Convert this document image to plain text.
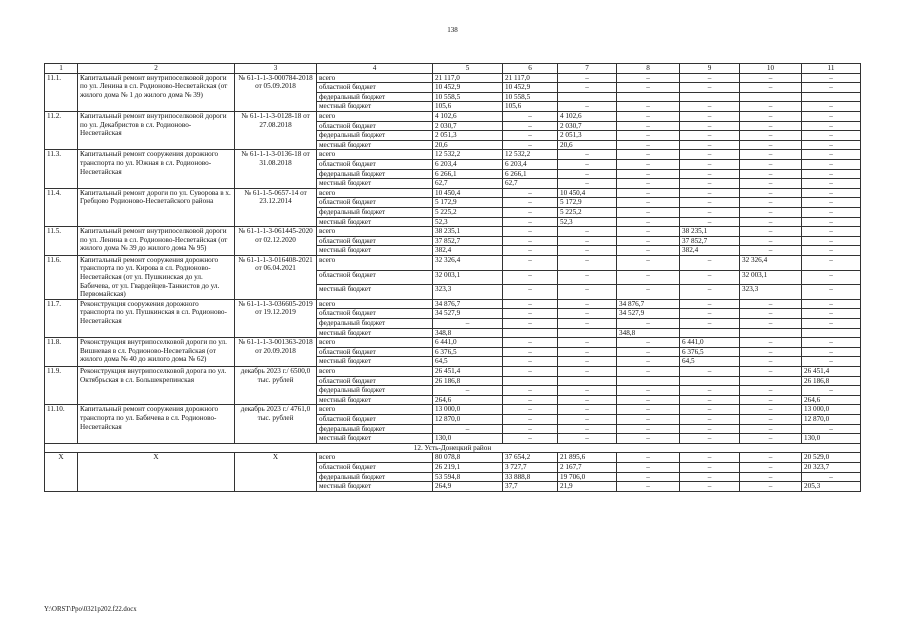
138
1	2	3	4	5	6	7	8	9	10	11
11.1.	Капитальный ремонт внутрипоселковой дороги по ул. Ленина в сл. Родионово-Несветайская (от жилого дома № 1 до жилого дома № 39)	№ 61-1-1-3-000784-2018 от 05.09.2018	всего	21 117,0	21 117,0	–	–	–	–	–
			областной бюджет	10 452,9	10 452,9	–	–	–	–	–
			федеральный бюджет	10 558,5	10 558,5					
			местный бюджет	105,6	105,6	–	–	–	–	–
11.2.	Капитальный ремонт внутрипоселковой дороги по ул. Декабристов в сл. Родионово-Несветайская	№ 61-1-1-3-0128-18 от 27.08.2018	всего	4 102,6	–	4 102,6	–	–	–	–
			областной бюджет	2 030,7	–	2 030,7	–	–	–	–
			федеральный бюджет	2 051,3	–	2 051,3	–	–	–	–
			местный бюджет	20,6	–	20,6	–	–	–	–
11.3.	Капитальный ремонт сооружения дорожного транспорта по ул. Южная в сл. Родионово-Несветайская	№ 61-1-1-3-0136-18 от 31.08.2018	всего	12 532,2	12 532,2	–	–	–	–	–
			областной бюджет	6 203,4	6 203,4	–	–	–	–	–
			федеральный бюджет	6 266,1	6 266,1	–	–	–	–	–
			местный бюджет	62,7	62,7	–	–	–	–	–
11.4.	Капитальный ремонт дороги по ул. Суворова в х. Гребцово Родионово-Несветайского района	№ 61-1-5-0657-14 от 23.12.2014	всего	10 450,4	–	10 450,4	–	–	–	–
			областной бюджет	5 172,9	–	5 172,9	–	–	–	–
			федеральный бюджет	5 225,2	–	5 225,2	–	–	–	–
			местный бюджет	52,3	–	52,3	–	–	–	–
11.5.	Капитальный ремонт внутрипоселковой дороги по ул. Ленина в сл. Родионово-Несветайская (от жилого дома № 39 до жилого дома № 95)	№ 61-1-1-3-061445-2020 от 02.12.2020	всего	38 235,1	–	–	–	38 235,1	–	–
			областной бюджет	37 852,7	–	–	–	37 852,7	–	–
			местный бюджет	382,4	–	–	–	382,4	–	–
11.6.	Капитальный ремонт сооружения дорожного транспорта по ул. Кирова в сл. Родионово-Несветайская (от ул. Пушкинская до ул. Бабичева, от ул. Гвардейцев-Танкистов до ул. Первомайская)	№ 61-1-1-3-016408-2021 от 06.04.2021	всего	32 326,4	–	–	–	–	32 326,4	–
			областной бюджет	32 003,1	–	–	–	–	32 003,1	–
			местный бюджет	323,3	–	–	–	–	323,3	–
11.7.	Реконструкция сооружения дорожного транспорта по ул. Пушкинская в сл. Родионово-Несветайская	№ 61-1-1-3-036605-2019 от 19.12.2019	всего	34 876,7	–	–	34 876,7	–	–	–
			областной бюджет	34 527,9	–	–	34 527,9	–	–	–
			федеральный бюджет	–	–	–	–	–	–	–
			местный бюджет	348,8			348,8			
11.8.	Реконструкция внутрипоселковой дороги по ул. Вишневая в сл. Родионово-Несветайская (от жилого дома № 40 до жилого дома № 62)	№ 61-1-1-3-001363-2018 от 20.09.2018	всего	6 441,0	–	–	–	6 441,0	–	–
			областной бюджет	6 376,5	–	–	–	6 376,5	–	–
			местный бюджет	64,5	–	–	–	64,5	–	–
11.9.	Реконструкция внутрипоселковой дорога по ул. Октябрьская в сл. Большекрепинская	декабрь 2023 г./ 6500,0 тыс. рублей	всего	26 451,4	–	–	–	–	–	26 451,4
			областной бюджет	26 186,8						26 186,8
			федеральный бюджет	–	–	–	–	–	–	–
			местный бюджет	264,6	–	–	–	–	–	264,6
11.10.	Капитальный ремонт сооружения дорожного транспорта по ул. Бабичева в сл. Родионово-Несветайская	декабрь 2023 г./ 4761,0 тыс. рублей	всего	13 000,0	–	–	–	–	–	13 000,0
			областной бюджет	12 870,0	–	–	–	–	–	12 870,0
			федеральный бюджет	–	–	–	–	–	–	–
			местный бюджет	130,0	–	–	–	–	–	130,0
12. Усть-Донецкий район										
Х	Х	Х	всего	80 078,8	37 654,2	21 895,6	–	–	–	20 529,0
			областной бюджет	26 219,1	3 727,7	2 167,7	–	–	–	20 323,7
			федеральный бюджет	53 594,8	33 888,8	19 706,0	–	–	–	–
			местный бюджет	264,9	37,7	21,9	–	–	–	205,3
Y:\ORST\Ppo\0321p202.f22.docx
